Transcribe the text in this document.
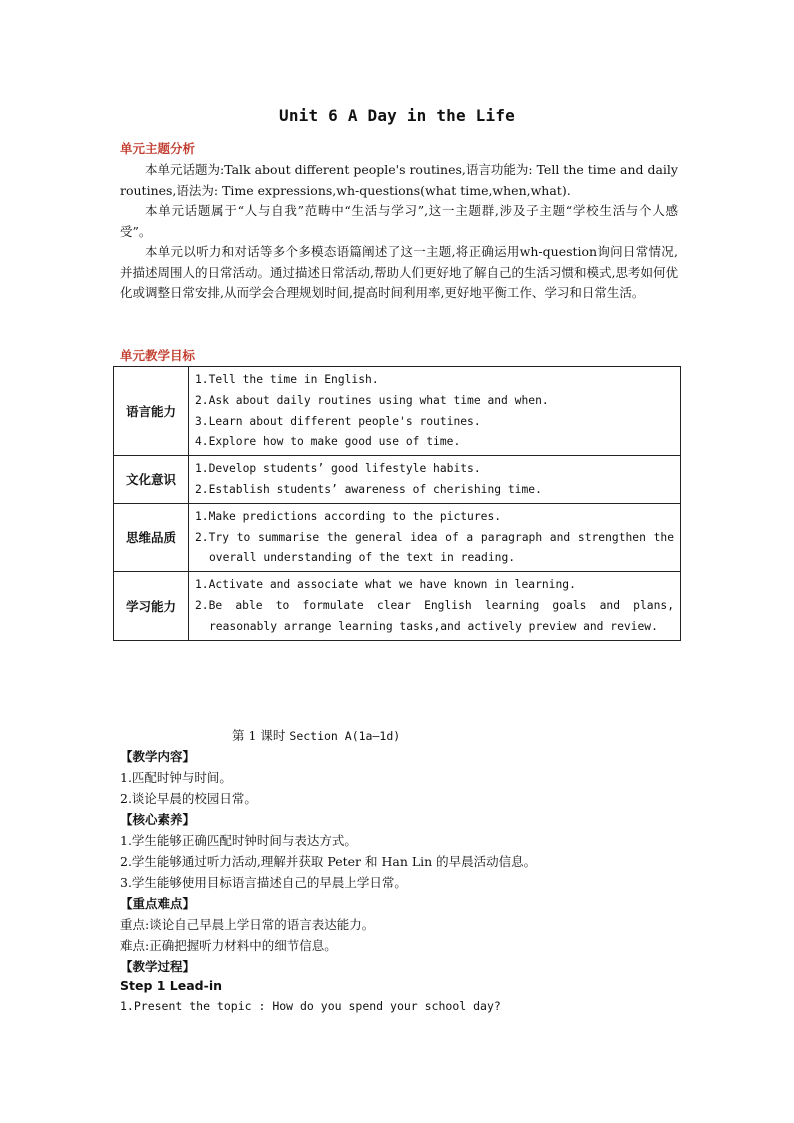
Unit 6 A Day in the Life
单元主题分析
本单元话题为:Talk about different people's routines,语言功能为: Tell the time and daily routines,语法为: Time expressions,wh-questions(what time,when,what).
本单元话题属于“人与自我”范畴中“生活与学习”,这一主题群,涉及子主题“学校生活与个人感受”。
本单元以听力和对话等多个多模态语篇阐述了这一主题,将正确运用wh-question询问日常情况,并描述周围人的日常活动。通过描述日常活动,帮助人们更好地了解自己的生活习惯和模式,思考如何优化或调整日常安排,从而学会合理规划时间,提高时间利用率,更好地平衡工作、学习和日常生活。
单元教学目标
语言能力	1.Tell the time in English.
2.Ask about daily routines using what time and when.
3.Learn about different people's routines.
4.Explore how to make good use of time.

文化意识	1.Develop students’ good lifestyle habits.
2.Establish students’ awareness of cherishing time.

思维品质	1.Make predictions according to the pictures.
2.Try to summarise the general idea of a paragraph and strengthen the overall understanding of the text in reading.

学习能力	1.Activate and associate what we have known in learning.
2.Be able to formulate clear English learning goals and plans, reasonably arrange learning tasks,and actively preview and review.
第 1 课时 Section A(1a—1d)
【教学内容】
1.匹配时钟与时间。
2.谈论早晨的校园日常。
【核心素养】
1.学生能够正确匹配时钟时间与表达方式。
2.学生能够通过听力活动,理解并获取 Peter 和 Han Lin 的早晨活动信息。
3.学生能够使用目标语言描述自己的早晨上学日常。
【重点难点】
重点:谈论自己早晨上学日常的语言表达能力。
难点:正确把握听力材料中的细节信息。
【教学过程】
Step 1 Lead-in
1.Present the topic : How do you spend your school day?
